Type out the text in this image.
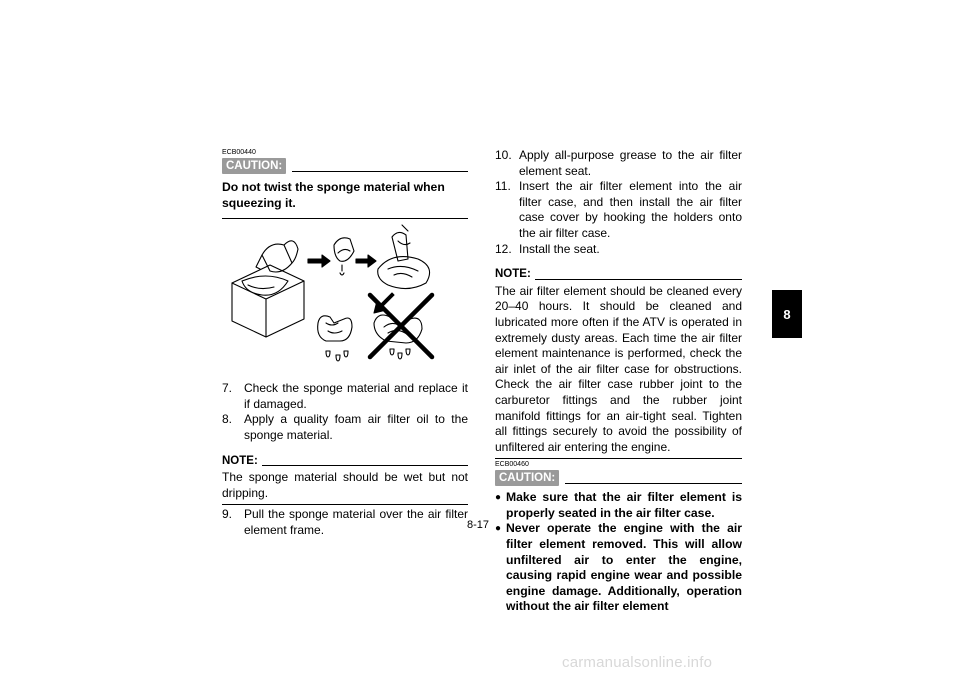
ECB00440

CAUTION:

Do not twist the sponge material when squeezing it.

7. Check the sponge material and replace it if damaged.
8. Apply a quality foam air filter oil to the sponge material.
NOTE:

The sponge material should be wet but not dripping.

9. Pull the sponge material over the air filter element frame.
10. Apply all-purpose grease to the air filter element seat.
11. Insert the air filter element into the air filter case, and then install the air filter case cover by hooking the holders onto the air filter case.
12. Install the seat.
NOTE:

The air filter element should be cleaned every 20–40 hours. It should be cleaned and lubricated more often if the ATV is operated in extremely dusty areas. Each time the air filter element maintenance is performed, check the air inlet of the air filter case for obstructions. Check the air filter case rubber joint to the carburetor fittings and the rubber joint manifold fittings for an air-tight seal. Tighten all fittings securely to avoid the possibility of unfiltered air entering the engine.

ECB00460

CAUTION:
● Make sure that the air filter element is properly seated in the air filter case.
● Never operate the engine with the air filter element removed. This will allow unfiltered air to enter the engine, causing rapid engine wear and possible engine damage. Additionally, operation without the air filter element
8-17
8
carmanualsonline.info
